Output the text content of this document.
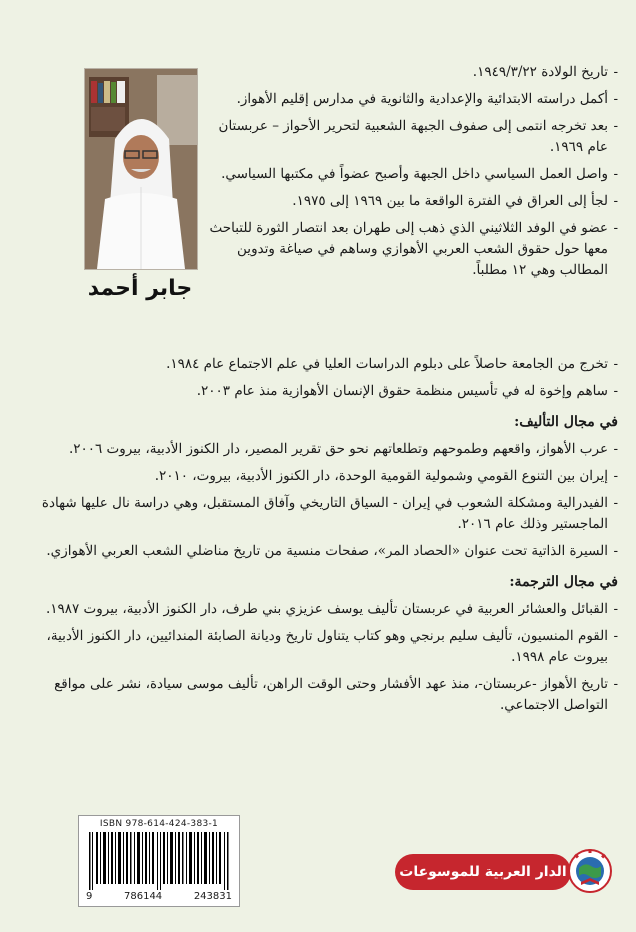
جابر أحمد
- تاريخ الولادة ١٩٤٩/٣/٢٢.
- أكمل دراسته الابتدائية والإعدادية والثانوية في مدارس إقليم الأهواز.
- بعد تخرجه انتمى إلى صفوف الجبهة الشعبية لتحرير الأحواز – عربستان عام ١٩٦٩.
- واصل العمل السياسي داخل الجبهة وأصبح عضواً في مكتبها السياسي.
- لجأ إلى العراق في الفترة الواقعة ما بين ١٩٦٩ إلى ١٩٧٥.
- عضو في الوفد الثلاثيني الذي ذهب إلى طهران بعد انتصار الثورة للتباحث معها حول حقوق الشعب العربي الأهوازي وساهم في صياغة وتدوين المطالب وهي ١٢ مطلباً.
- تخرج من الجامعة حاصلاً على دبلوم الدراسات العليا في علم الاجتماع عام ١٩٨٤.
- ساهم وإخوة له في تأسيس منظمة حقوق الإنسان الأهوازية منذ عام ٢٠٠٣.
في مجال التأليف:
- عرب الأهواز، واقعهم وطموحهم وتطلعاتهم نحو حق تقرير المصير، دار الكنوز الأدبية، بيروت ٢٠٠٦.
- إيران بين التنوع القومي وشمولية القومية الوحدة، دار الكنوز الأدبية، بيروت، ٢٠١٠.
- الفيدرالية ومشكلة الشعوب في إيران - السياق التاريخي وآفاق المستقبل، وهي دراسة نال عليها شهادة الماجستير وذلك عام ٢٠١٦.
- السيرة الذاتية تحت عنوان «الحصاد المر»، صفحات منسية من تاريخ مناضلي الشعب العربي الأهوازي.
في مجال الترجمة:
- القبائل والعشائر العربية في عربستان تأليف يوسف عزيزي بني طرف، دار الكنوز الأدبية، بيروت ١٩٨٧.
- القوم المنسيون، تأليف سليم برنجي وهو كتاب يتناول تاريخ وديانة الصابئة المندائيين، دار الكنوز الأدبية، بيروت عام ١٩٩٨.
- تاريخ الأهواز -عربستان-، منذ عهد الأفشار وحتى الوقت الراهن، تأليف موسى سيادة، نشر على مواقع التواصل الاجتماعي.
ISBN 978-614-424-383-1
9	786144	243831
الدار العربية للموسوعات
